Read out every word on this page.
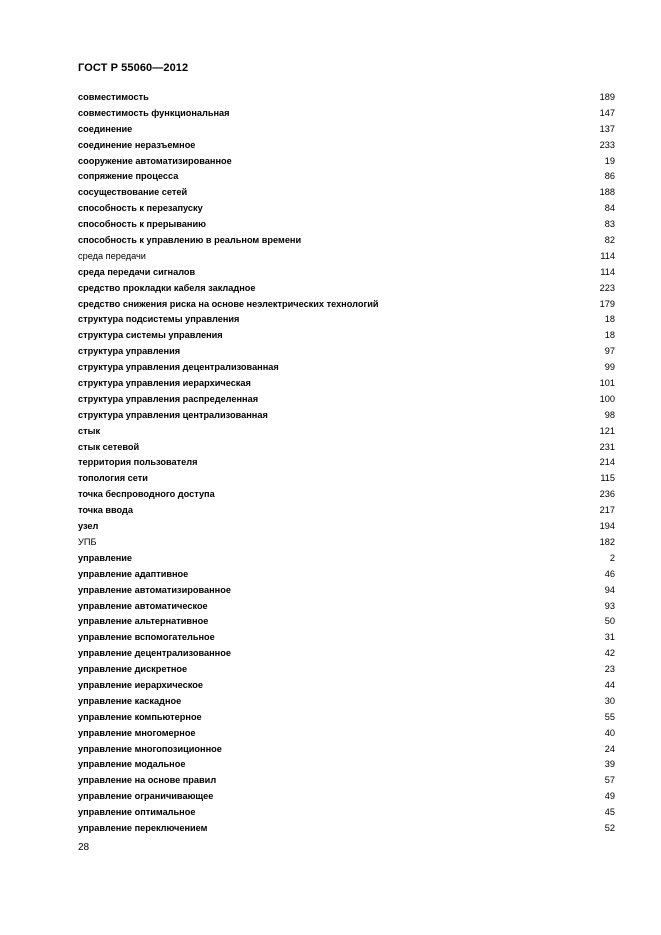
ГОСТ Р 55060—2012
совместимость	189
совместимость функциональная	147
соединение	137
соединение неразъемное	233
сооружение автоматизированное	19
сопряжение процесса	86
сосуществование сетей	188
способность к перезапуску	84
способность к прерыванию	83
способность к управлению в реальном времени	82
среда передачи	114
среда передачи сигналов	114
средство прокладки кабеля закладное	223
средство снижения риска на основе неэлектрических технологий	179
структура подсистемы управления	18
структура системы управления	18
структура управления	97
структура управления децентрализованная	99
структура управления иерархическая	101
структура управления распределенная	100
структура управления централизованная	98
стык	121
стык сетевой	231
территория пользователя	214
топология сети	115
точка беспроводного доступа	236
точка ввода	217
узел	194
УПБ	182
управление	2
управление адаптивное	46
управление автоматизированное	94
управление автоматическое	93
управление альтернативное	50
управление вспомогательное	31
управление децентрализованное	42
управление дискретное	23
управление иерархическое	44
управление каскадное	30
управление компьютерное	55
управление многомерное	40
управление многопозиционное	24
управление модальное	39
управление на основе правил	57
управление ограничивающее	49
управление оптимальное	45
управление переключением	52
28
